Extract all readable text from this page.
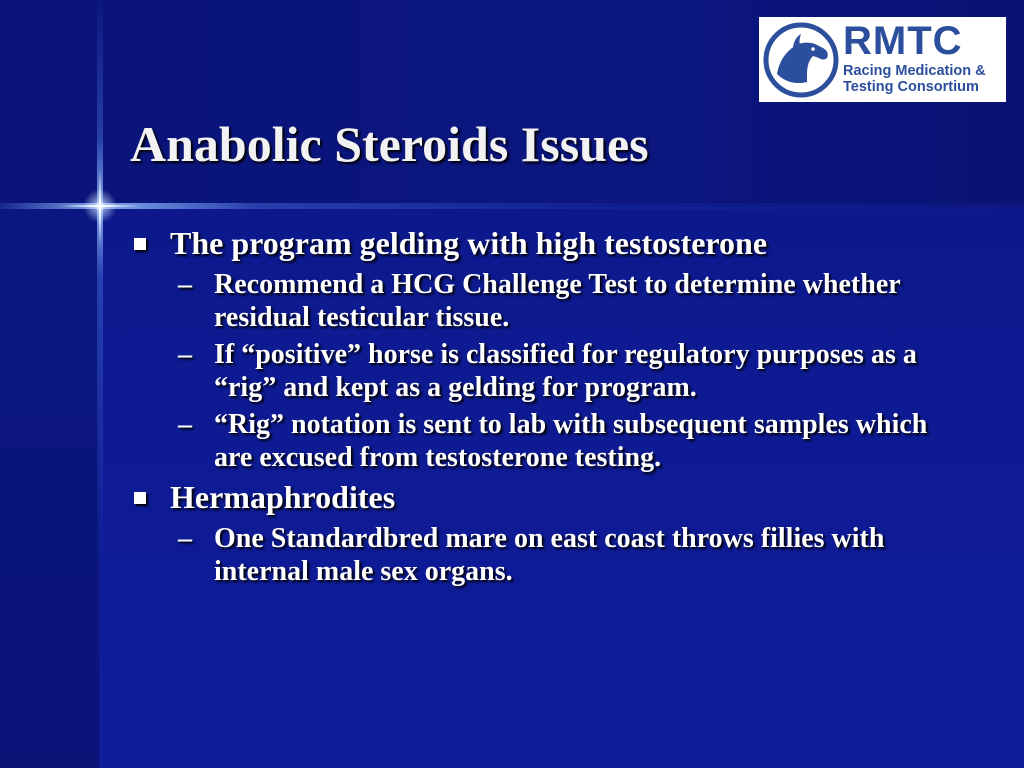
RMTC
Racing Medication &
Testing Consortium
Anabolic Steroids Issues
The program gelding with high testosterone
– Recommend a HCG Challenge Test to determine whether residual testicular tissue.
– If “positive” horse is classified for regulatory purposes as a “rig” and kept as a gelding for program.
– “Rig” notation is sent to lab with subsequent samples which are excused from testosterone testing.
Hermaphrodites
– One Standardbred mare on east coast throws fillies with internal male sex organs.
